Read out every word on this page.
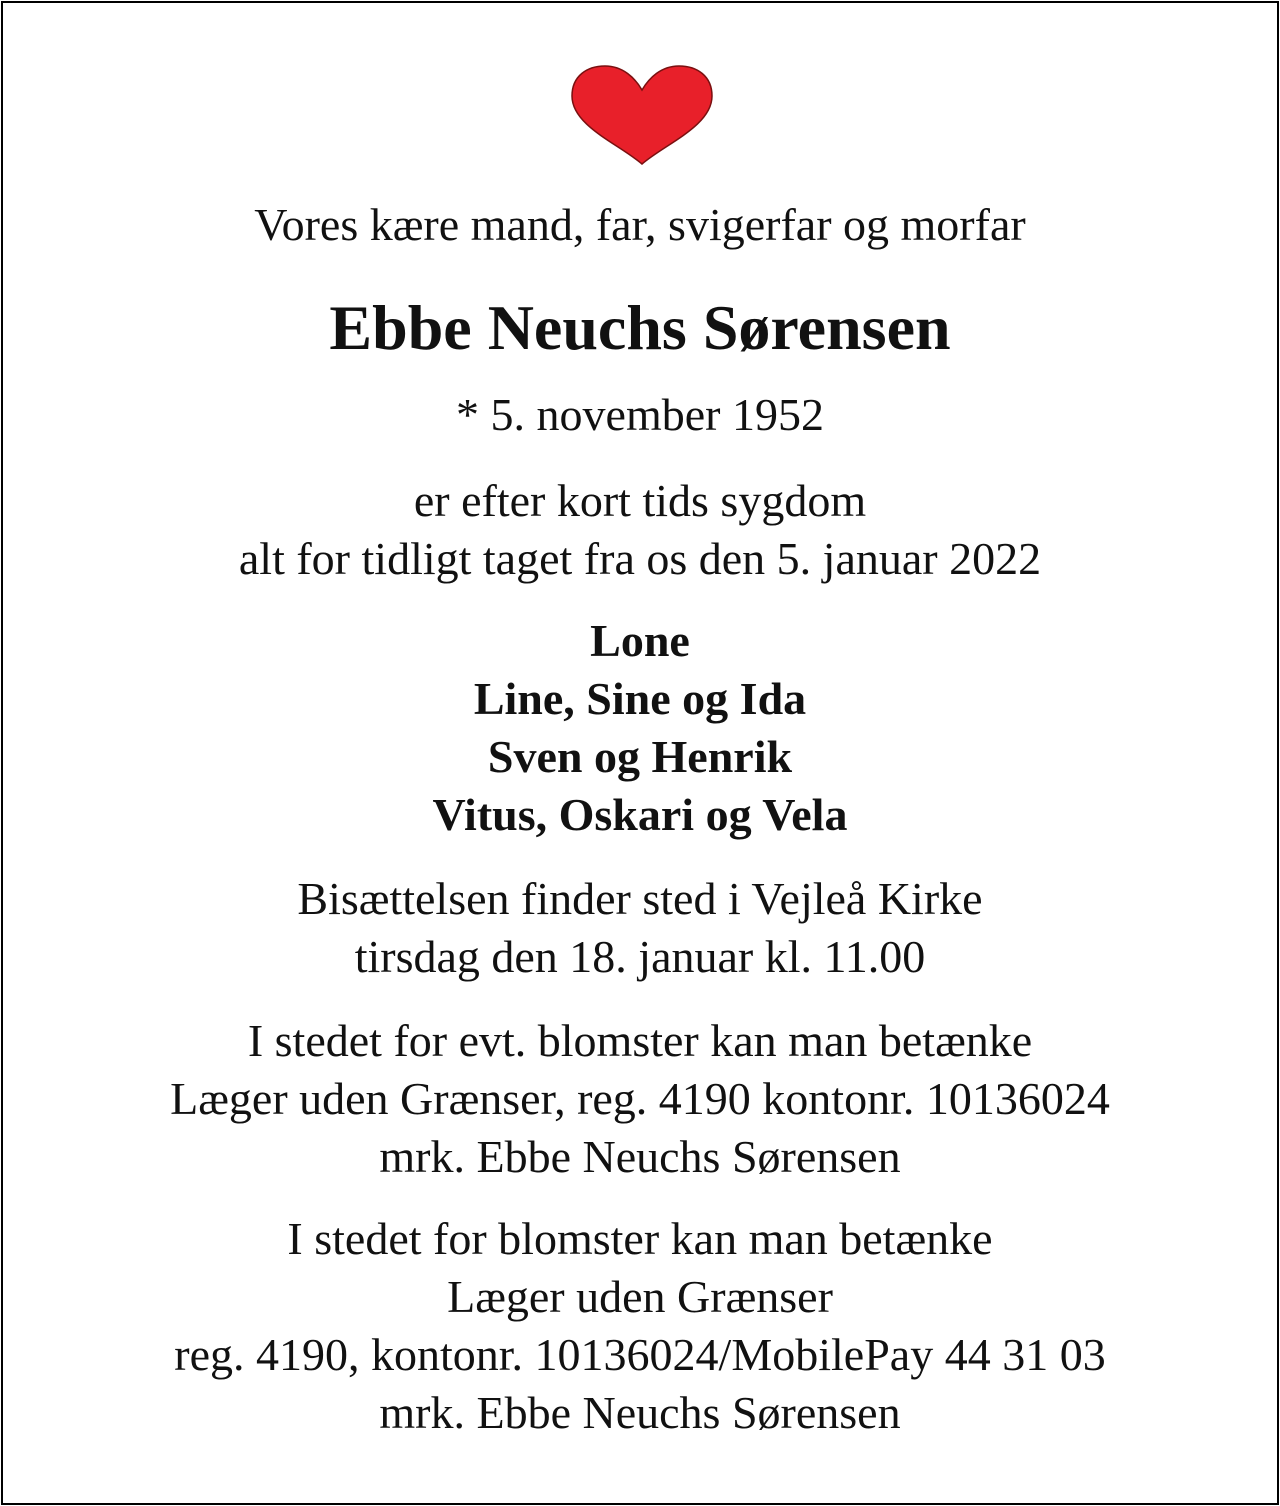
Vores kære mand, far, svigerfar og morfar
Ebbe Neuchs Sørensen
* 5. november 1952
er efter kort tids sygdom
alt for tidligt taget fra os den 5. januar 2022
Lone
Line, Sine og Ida
Sven og Henrik
Vitus, Oskari og Vela
Bisættelsen finder sted i Vejleå Kirke
tirsdag den 18. januar kl. 11.00
I stedet for evt. blomster kan man betænke
Læger uden Grænser, reg. 4190 kontonr. 10136024
mrk. Ebbe Neuchs Sørensen
I stedet for blomster kan man betænke
Læger uden Grænser
reg. 4190, kontonr. 10136024/MobilePay 44 31 03
mrk. Ebbe Neuchs Sørensen
